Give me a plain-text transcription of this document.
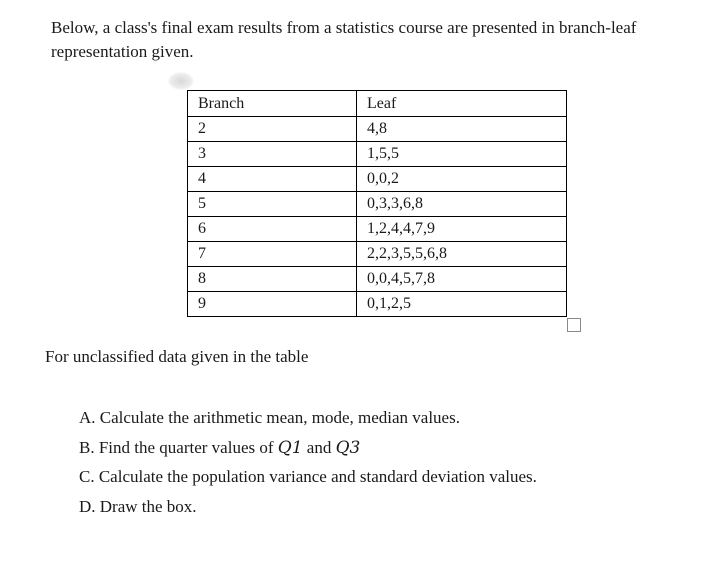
Below, a class's final exam results from a statistics course are presented in branch-leaf representation given.

Branch	Leaf
2	4,8
3	1,5,5
4	0,0,2
5	0,3,3,6,8
6	1,2,4,4,7,9
7	2,2,3,5,5,6,8
8	0,0,4,5,7,8
9	0,1,2,5

For unclassified data given in the table

A. Calculate the arithmetic mean, mode, median values.
B. Find the quarter values of Q1 and Q3
C. Calculate the population variance and standard deviation values.
D. Draw the box.
